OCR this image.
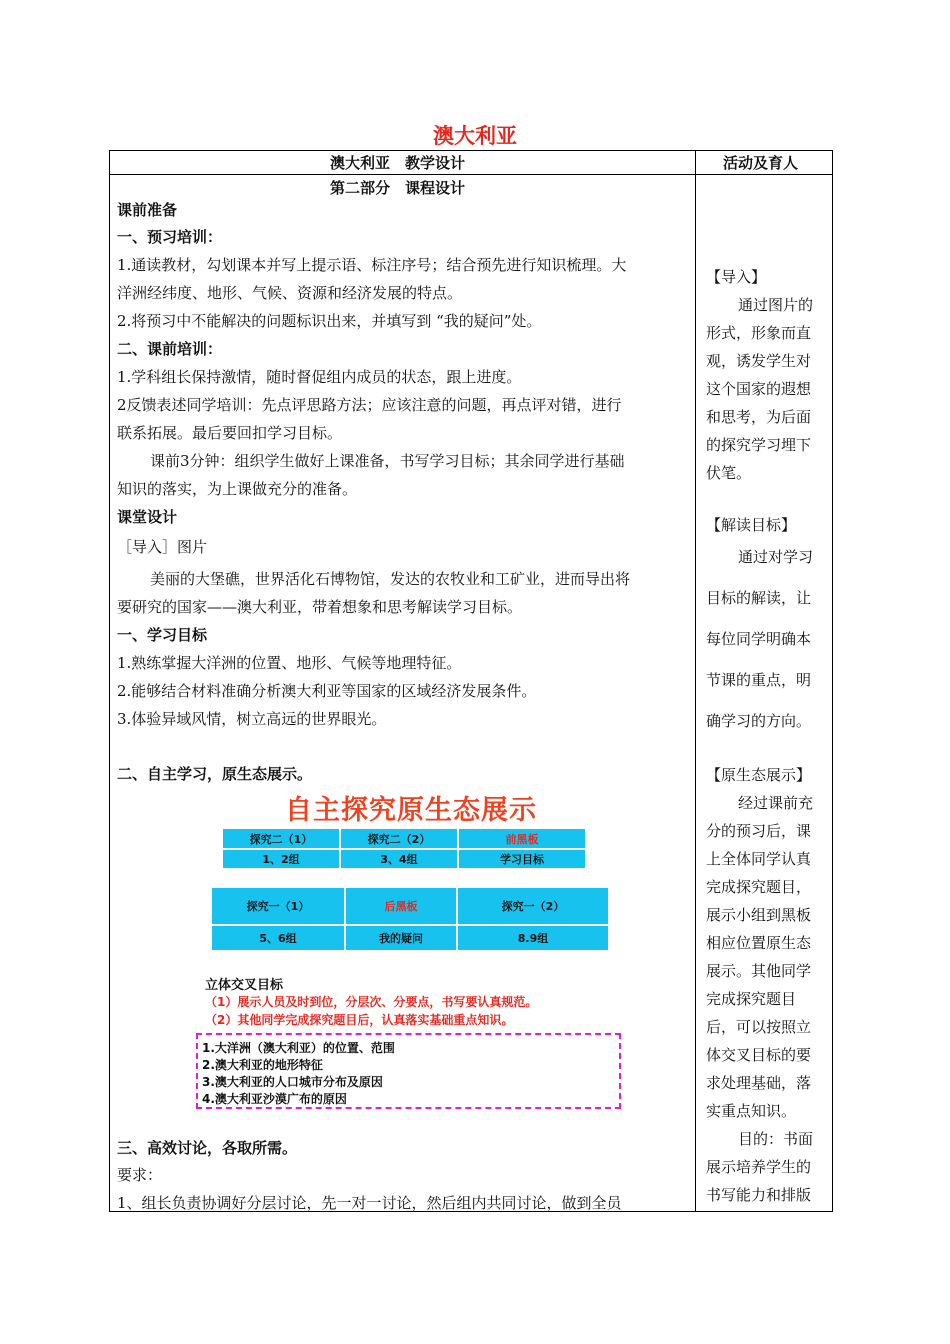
澳大利亚
澳大利亚　教学设计	活动及育人
第二部分　课程设计
课前准备
一、预习培训：
1.通读教材，勾划课本并写上提示语、标注序号；结合预先进行知识梳理。大
洋洲经纬度、地形、气候、资源和经济发展的特点。
2.将预习中不能解决的问题标识出来，并填写到 “我的疑问”处。
二、课前培训：
1.学科组长保持激情，随时督促组内成员的状态，跟上进度。
2反馈表述同学培训：先点评思路方法；应该注意的问题，再点评对错，进行
联系拓展。最后要回扣学习目标。
课前3分钟：组织学生做好上课准备，书写学习目标；其余同学进行基础
知识的落实，为上课做充分的准备。
课堂设计
［导入］图片
美丽的大堡礁，世界活化石博物馆，发达的农牧业和工矿业，进而导出将
要研究的国家——澳大利亚，带着想象和思考解读学习目标。
一、学习目标
1.熟练掌握大洋洲的位置、地形、气候等地理特征。
2.能够结合材料准确分析澳大利亚等国家的区域经济发展条件。
3.体验异域风情，树立高远的世界眼光。
二、自主学习，原生态展示。
自主探究原生态展示
探究二（1）	探究二（2）	前黑板
1、2组	3、4组	学习目标
探究一（1）	后黑板	探究一（2）
5、6组	我的疑问	8.9组
立体交叉目标
（1）展示人员及时到位，分层次、分要点，书写要认真规范。
（2）其他同学完成探究题目后，认真落实基础重点知识。
1.大洋洲（澳大利亚）的位置、范围
2.澳大利亚的地形特征
3.澳大利亚的人口城市分布及原因
4.澳大利亚沙漠广布的原因
三、高效讨论，各取所需。
要求：
1、组长负责协调好分层讨论，先一对一讨论，然后组内共同讨论，做到全员
【导入】
通过图片的
形式，形象而直
观，诱发学生对
这个国家的遐想
和思考，为后面
的探究学习埋下
伏笔。
【解读目标】
通过对学习
目标的解读，让
每位同学明确本
节课的重点，明
确学习的方向。
【原生态展示】
经过课前充
分的预习后，课
上全体同学认真
完成探究题目，
展示小组到黑板
相应位置原生态
展示。其他同学
完成探究题目
后，可以按照立
体交叉目标的要
求处理基础，落
实重点知识。
目的：书面
展示培养学生的
书写能力和排版
